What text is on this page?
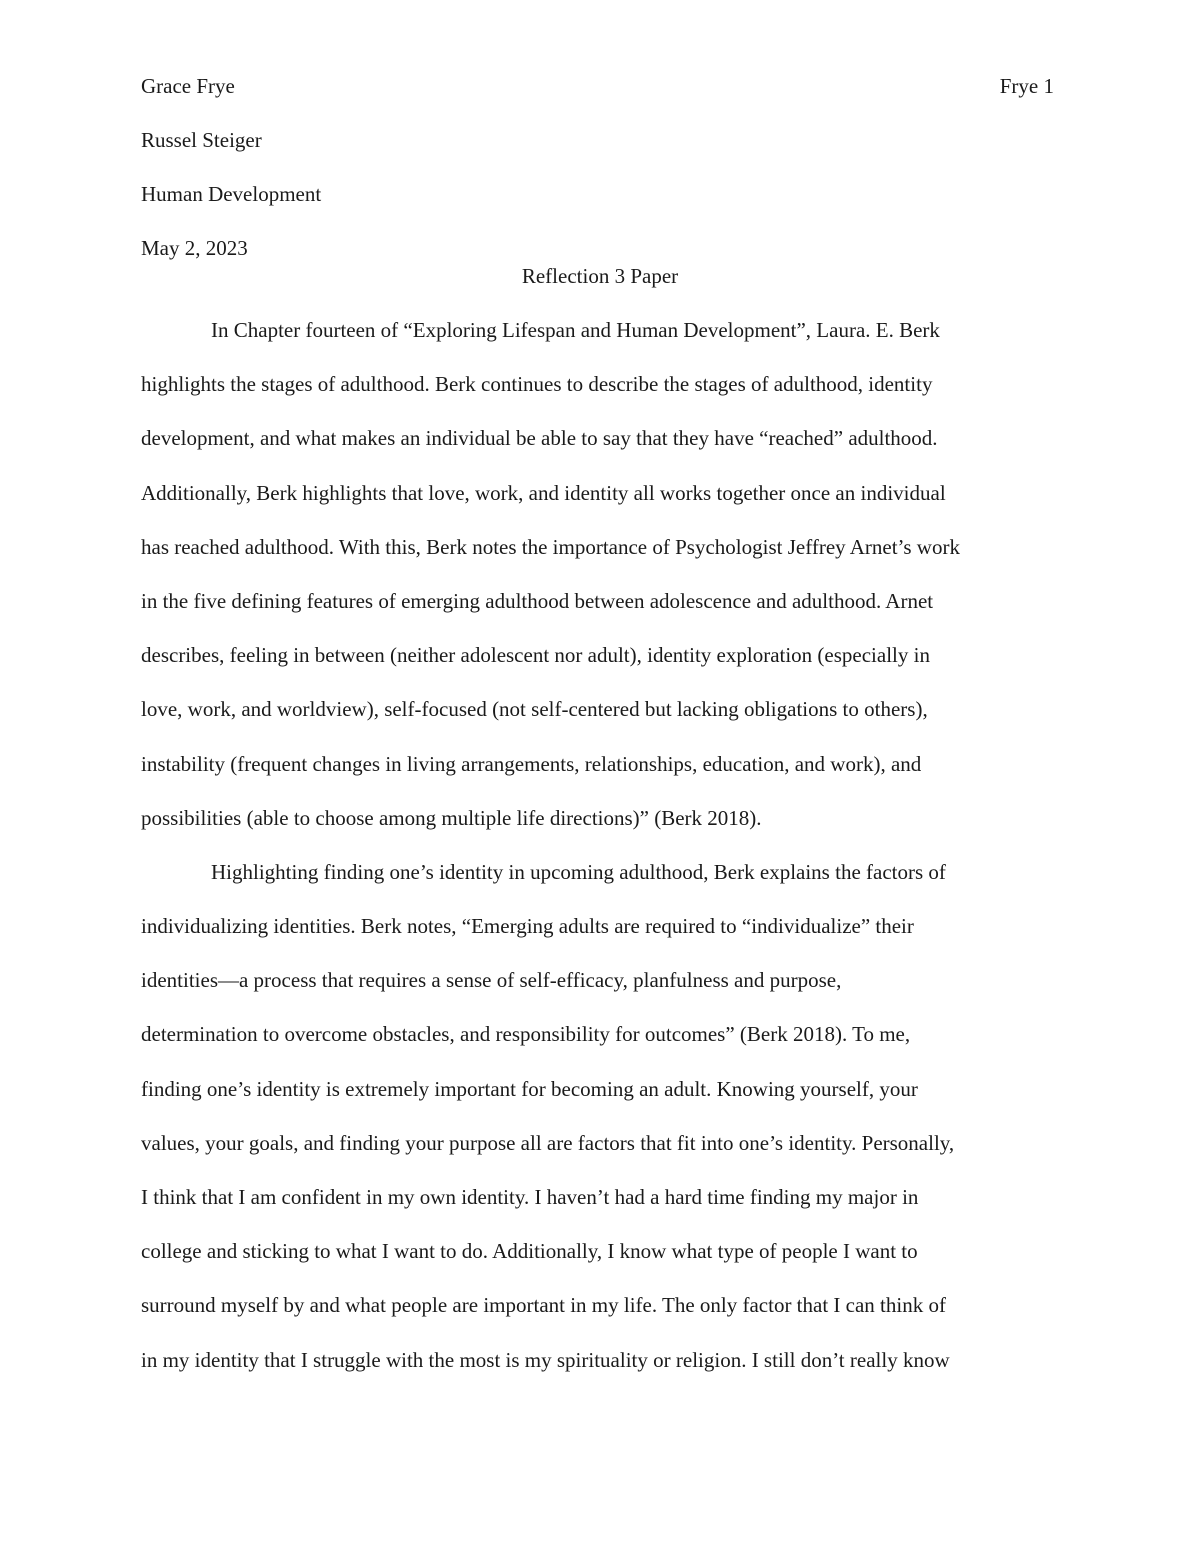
Frye 1
Grace Frye
Russel Steiger
Human Development
May 2, 2023
Reflection 3 Paper
In Chapter fourteen of “Exploring Lifespan and Human Development”, Laura. E. Berk
highlights the stages of adulthood. Berk continues to describe the stages of adulthood, identity
development, and what makes an individual be able to say that they have “reached” adulthood.
Additionally, Berk highlights that love, work, and identity all works together once an individual
has reached adulthood. With this, Berk notes the importance of Psychologist Jeffrey Arnet’s work
in the five defining features of emerging adulthood between adolescence and adulthood. Arnet
describes, feeling in between (neither adolescent nor adult), identity exploration (especially in
love, work, and worldview), self-focused (not self-centered but lacking obligations to others),
instability (frequent changes in living arrangements, relationships, education, and work), and
possibilities (able to choose among multiple life directions)” (Berk 2018).
Highlighting finding one’s identity in upcoming adulthood, Berk explains the factors of
individualizing identities. Berk notes, “Emerging adults are required to “individualize” their
identities—a process that requires a sense of self-efficacy, planfulness and purpose,
determination to overcome obstacles, and responsibility for outcomes” (Berk 2018). To me,
finding one’s identity is extremely important for becoming an adult. Knowing yourself, your
values, your goals, and finding your purpose all are factors that fit into one’s identity. Personally,
I think that I am confident in my own identity. I haven’t had a hard time finding my major in
college and sticking to what I want to do. Additionally, I know what type of people I want to
surround myself by and what people are important in my life. The only factor that I can think of
in my identity that I struggle with the most is my spirituality or religion. I still don’t really know
